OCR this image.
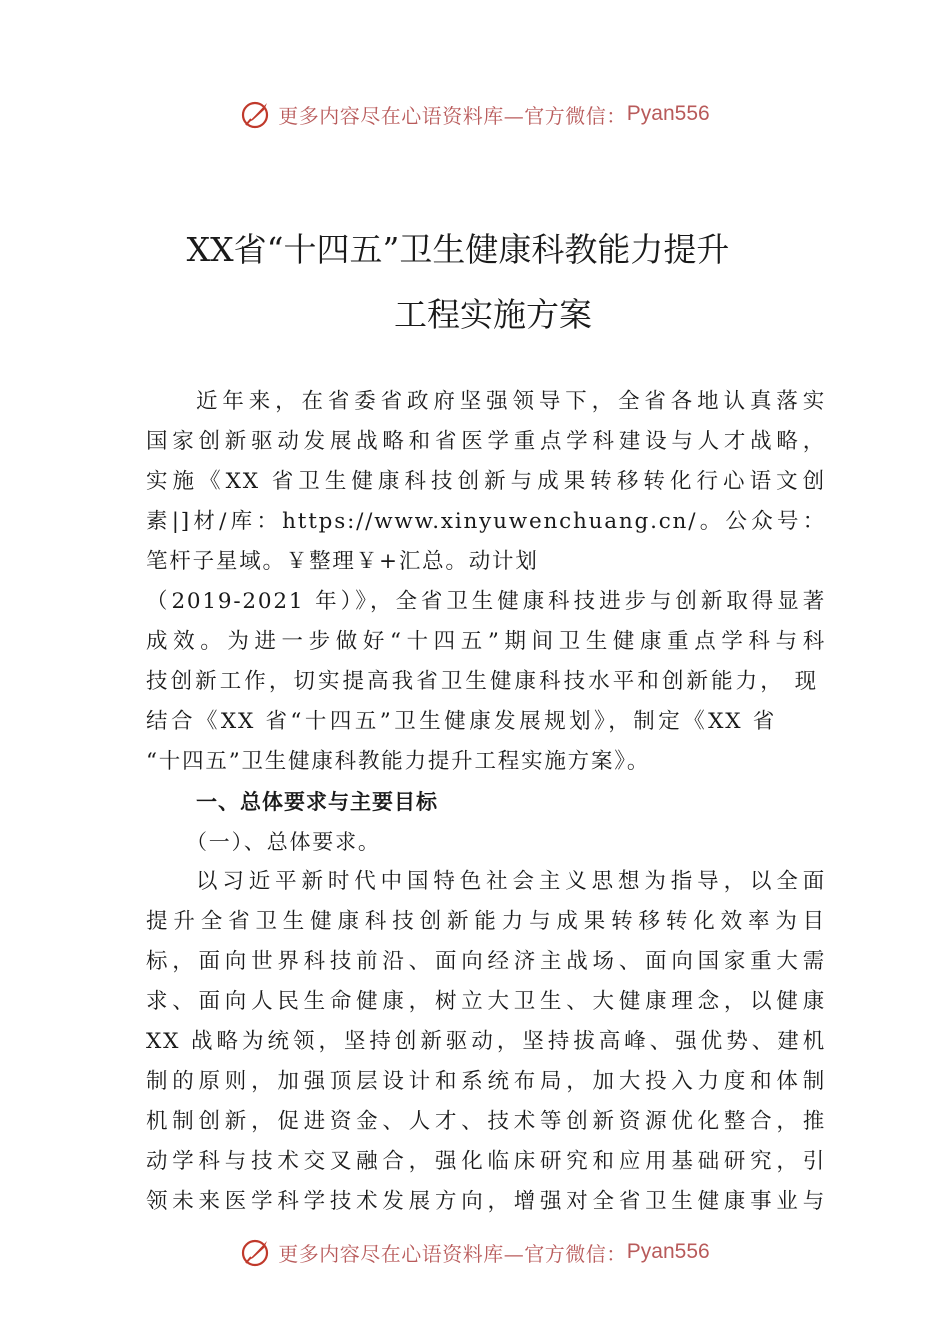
更多内容尽在心语资料库—官方微信： Pyan556
XX省“十四五”卫生健康科教能力提升
工程实施方案
近年来，在省委省政府坚强领导下，全省各地认真落实
国家创新驱动发展战略和省医学重点学科建设与人才战略，
实施《XX 省卫生健康科技创新与成果转移转化行心语文创
素|]材/库：https://www.xinyuwenchuang.cn/。公众号：
笔杆子星域。￥整理￥+汇总。动计划
（2019-2021 年）》，全省卫生健康科技进步与创新取得显著
成效。为进一步做好“十四五”期间卫生健康重点学科与科
技创新工作，切实提高我省卫生健康科技水平和创新能力， 现
结合《XX 省“十四五”卫生健康发展规划》，制定《XX 省
“十四五”卫生健康科教能力提升工程实施方案》。
一、总体要求与主要目标
（一）、总体要求。
以习近平新时代中国特色社会主义思想为指导，以全面
提升全省卫生健康科技创新能力与成果转移转化效率为目
标，面向世界科技前沿、面向经济主战场、面向国家重大需
求、面向人民生命健康，树立大卫生、大健康理念，以健康
XX 战略为统领，坚持创新驱动，坚持拔高峰、强优势、建机
制的原则，加强顶层设计和系统布局，加大投入力度和体制
机制创新，促进资金、人才、技术等创新资源优化整合，推
动学科与技术交叉融合，强化临床研究和应用基础研究，引
领未来医学科学技术发展方向，增强对全省卫生健康事业与
更多内容尽在心语资料库—官方微信： Pyan556
